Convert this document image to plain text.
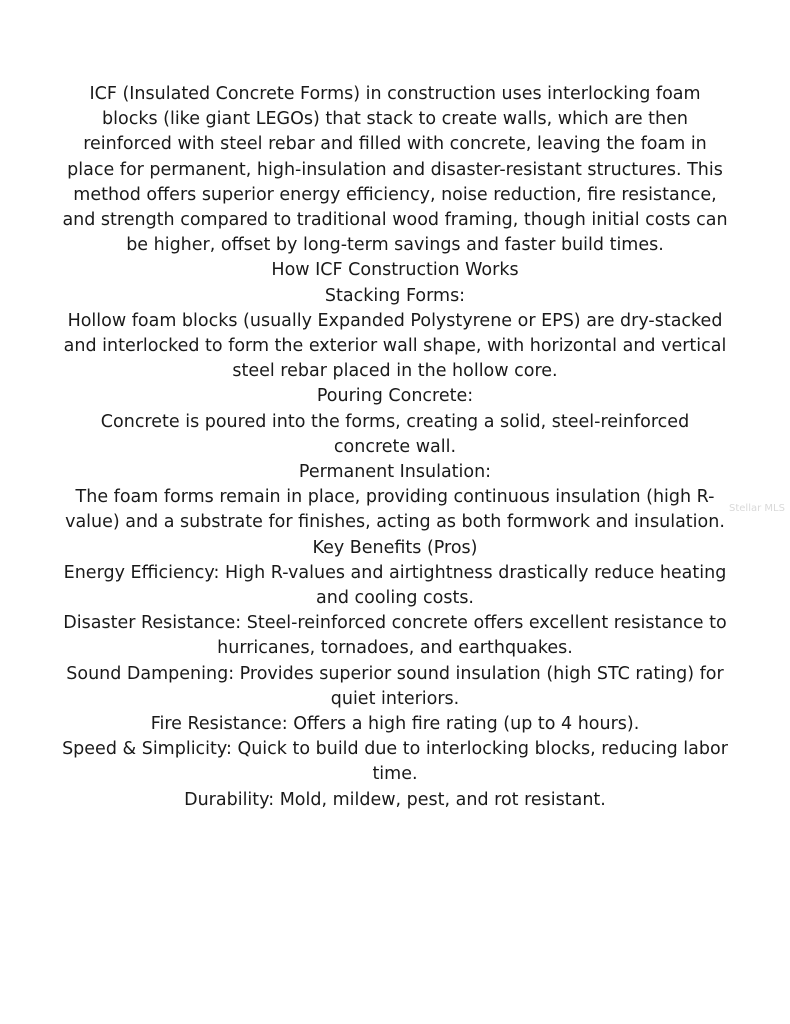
ICF (Insulated Concrete Forms) in construction uses interlocking foam blocks (like giant LEGOs) that stack to create walls, which are then reinforced with steel rebar and filled with concrete, leaving the foam in place for permanent, high-insulation and disaster-resistant structures. This method offers superior energy efficiency, noise reduction, fire resistance, and strength compared to traditional wood framing, though initial costs can be higher, offset by long-term savings and faster build times.

How ICF Construction Works

Stacking Forms:

Hollow foam blocks (usually Expanded Polystyrene or EPS) are dry-stacked and interlocked to form the exterior wall shape, with horizontal and vertical steel rebar placed in the hollow core.

Pouring Concrete:

Concrete is poured into the forms, creating a solid, steel-reinforced concrete wall.

Permanent Insulation:

The foam forms remain in place, providing continuous insulation (high R-value) and a substrate for finishes, acting as both formwork and insulation.

Key Benefits (Pros)

Energy Efficiency: High R-values and airtightness drastically reduce heating and cooling costs.

Disaster Resistance: Steel-reinforced concrete offers excellent resistance to hurricanes, tornadoes, and earthquakes.

Sound Dampening: Provides superior sound insulation (high STC rating) for quiet interiors.

Fire Resistance: Offers a high fire rating (up to 4 hours).

Speed & Simplicity: Quick to build due to interlocking blocks, reducing labor time.

Durability: Mold, mildew, pest, and rot resistant.

Stellar MLS
